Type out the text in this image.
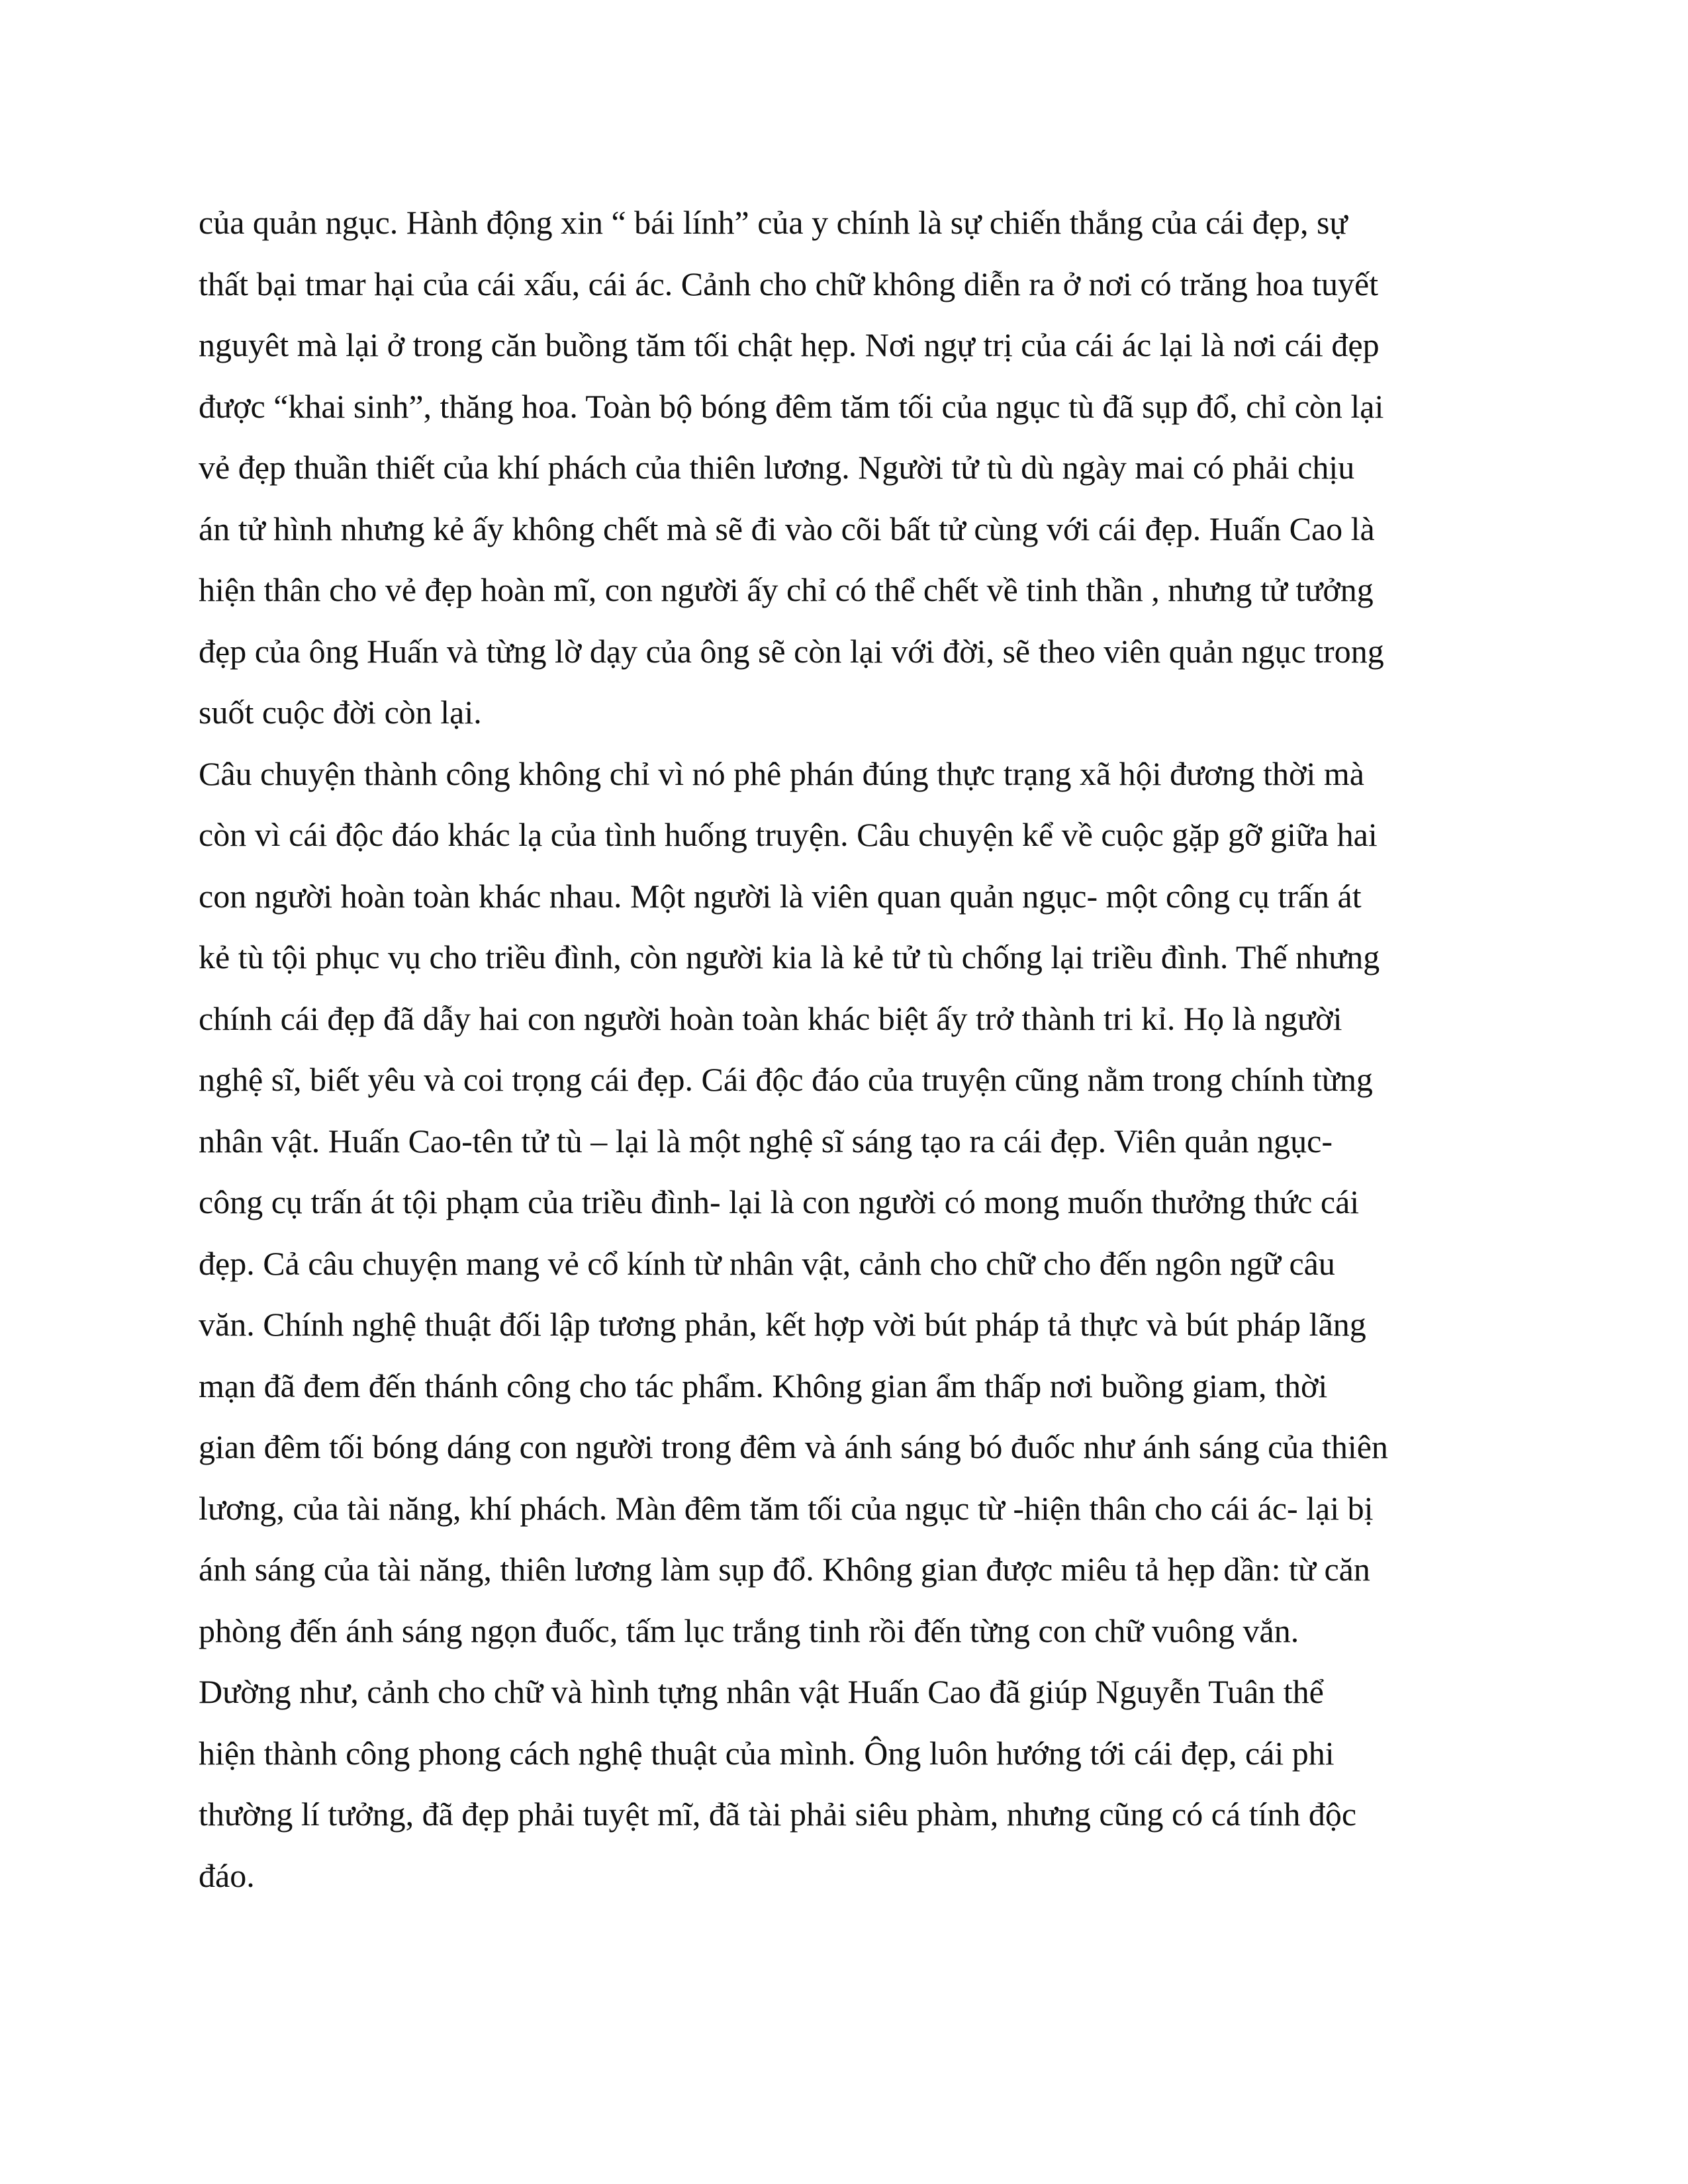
của quản ngục. Hành động xin “ bái lính” của y chính là sự chiến thắng của cái đẹp, sự
thất bại tmar hại của cái xấu, cái ác. Cảnh cho chữ không diễn ra ở nơi có trăng hoa tuyết
nguyêt mà lại ở trong căn buồng tăm tối chật hẹp. Nơi ngự trị của cái ác lại là nơi cái đẹp
được “khai sinh”, thăng hoa. Toàn bộ bóng đêm tăm tối của ngục tù đã sụp đổ, chỉ còn lại
vẻ đẹp thuần thiết của khí phách của thiên lương. Người tử tù dù ngày mai có phải chịu
án tử hình nhưng kẻ ấy không chết mà sẽ đi vào cõi bất tử cùng với cái đẹp. Huấn Cao là
hiện thân cho vẻ đẹp hoàn mĩ, con người ấy chỉ có thể chết về tinh thần , nhưng tử tưởng
đẹp của ông Huấn và từng lờ dạy của ông sẽ còn lại với đời, sẽ theo viên quản ngục trong
suốt cuộc đời còn lại.
Câu chuyện thành công không chỉ vì nó phê phán đúng thực trạng xã hội đương thời mà
còn vì cái độc đáo khác lạ của tình huống truyện. Câu chuyện kể về cuộc gặp gỡ giữa hai
con người hoàn toàn khác nhau. Một người là viên quan quản ngục- một công cụ trấn át
kẻ tù tội phục vụ cho triều đình, còn người kia là kẻ tử tù chống lại triều đình. Thế nhưng
chính cái đẹp đã dẫy hai con người hoàn toàn khác biệt ấy trở thành tri kỉ. Họ là người
nghệ sĩ, biết yêu và coi trọng cái đẹp. Cái độc đáo của truyện cũng nằm trong chính từng
nhân vật. Huấn Cao-tên tử tù – lại là một nghệ sĩ sáng tạo ra cái đẹp. Viên quản ngục-
công cụ trấn át tội phạm của triều đình- lại là con người có mong muốn thưởng thức cái
đẹp. Cả câu chuyện mang vẻ cổ kính từ nhân vật, cảnh cho chữ cho đến ngôn ngữ câu
văn. Chính nghệ thuật đối lập tương phản, kết hợp vời bút pháp tả thực và bút pháp lãng
mạn đã đem đến thánh công cho tác phẩm. Không gian ẩm thấp nơi buồng giam, thời
gian đêm tối bóng dáng con người trong đêm và ánh sáng bó đuốc như ánh sáng của thiên
lương, của tài năng, khí phách. Màn đêm tăm tối của ngục từ -hiện thân cho cái ác- lại bị
ánh sáng của tài năng, thiên lương làm sụp đổ. Không gian được miêu tả hẹp dần: từ căn
phòng đến ánh sáng ngọn đuốc, tấm lục trắng tinh rồi đến từng con chữ vuông vắn.
Dường như, cảnh cho chữ và hình tựng nhân vật Huấn Cao đã giúp Nguyễn Tuân thể
hiện thành công phong cách nghệ thuật của mình. Ông luôn hướng tới cái đẹp, cái phi
thường lí tưởng, đã đẹp phải tuyệt mĩ, đã tài phải siêu phàm, nhưng cũng có cá tính độc
đáo.
